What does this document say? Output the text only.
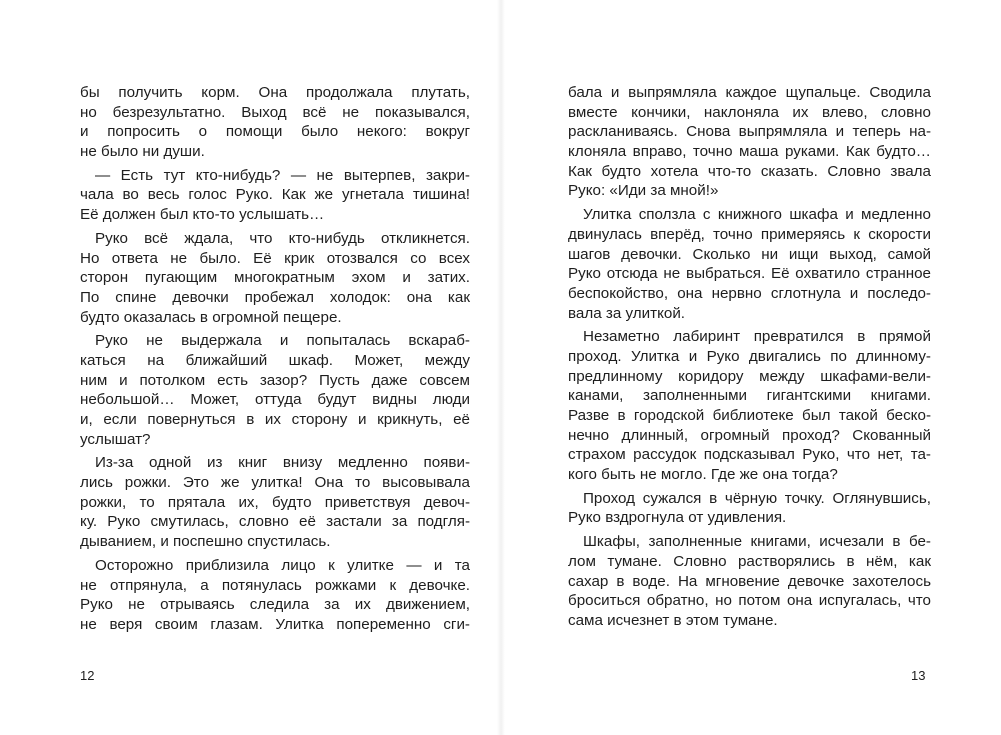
бы получить корм. Она продолжала плутать,
но безрезультатно. Выход всё не показывался,
и попросить о помощи было некого: вокруг
не было ни души.
— Есть тут кто-нибудь? — не вытерпев, закри-
чала во весь голос Руко. Как же угнетала тишина!
Её должен был кто-то услышать…
Руко всё ждала, что кто-нибудь откликнется.
Но ответа не было. Её крик отозвался со всех
сторон пугающим многократным эхом и затих.
По спине девочки пробежал холодок: она как
будто оказалась в огромной пещере.
Руко не выдержала и попыталась вскараб-
каться на ближайший шкаф. Может, между
ним и потолком есть зазор? Пусть даже совсем
небольшой… Может, оттуда будут видны люди
и, если повернуться в их сторону и крикнуть, её
услышат?
Из-за одной из книг внизу медленно появи-
лись рожки. Это же улитка! Она то высовывала
рожки, то прятала их, будто приветствуя девоч-
ку. Руко смутилась, словно её застали за подгля-
дыванием, и поспешно спустилась.
Осторожно приблизила лицо к улитке — и та
не отпрянула, а потянулась рожками к девочке.
Руко не отрываясь следила за их движением,
не веря своим глазам. Улитка попеременно сги-
бала и выпрямляла каждое щупальце. Сводила
вместе кончики, наклоняла их влево, словно
раскланиваясь. Снова выпрямляла и теперь на-
клоняла вправо, точно маша руками. Как будто…
Как будто хотела что-то сказать. Словно звала
Руко: «Иди за мной!»
Улитка сползла с книжного шкафа и медленно
двинулась вперёд, точно примеряясь к скорости
шагов девочки. Сколько ни ищи выход, самой
Руко отсюда не выбраться. Её охватило странное
беспокойство, она нервно сглотнула и последо-
вала за улиткой.
Незаметно лабиринт превратился в прямой
проход. Улитка и Руко двигались по длинному-
предлинному коридору между шкафами-вели-
канами, заполненными гигантскими книгами.
Разве в городской библиотеке был такой беско-
нечно длинный, огромный проход? Скованный
страхом рассудок подсказывал Руко, что нет, та-
кого быть не могло. Где же она тогда?
Проход сужался в чёрную точку. Оглянувшись,
Руко вздрогнула от удивления.
Шкафы, заполненные книгами, исчезали в бе-
лом тумане. Словно растворялись в нём, как
сахар в воде. На мгновение девочке захотелось
броситься обратно, но потом она испугалась, что
сама исчезнет в этом тумане.
12	13
